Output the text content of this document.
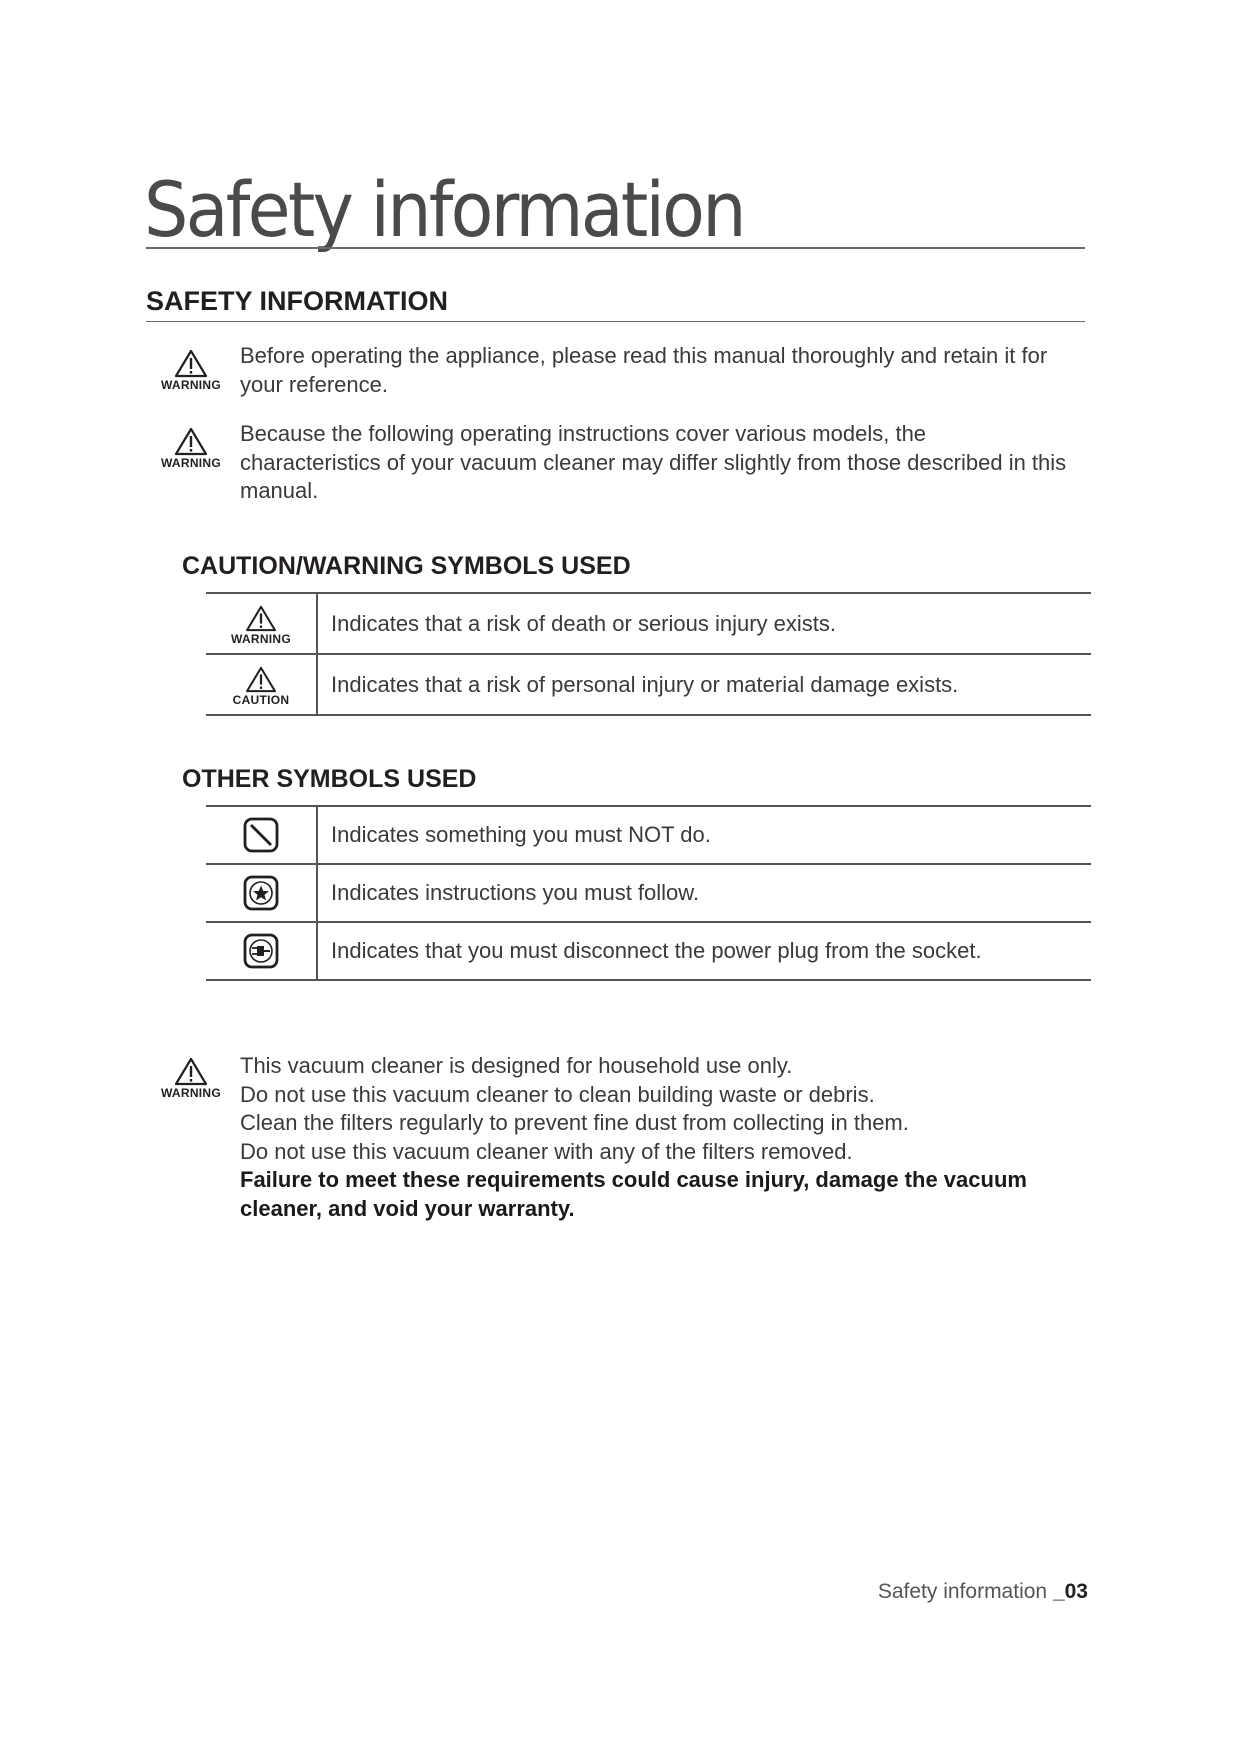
Safety information
SAFETY INFORMATION
WARNING
Before operating the appliance, please read this manual thoroughly and retain it for your reference.
WARNING
Because the following operating instructions cover various models, the characteristics of your vacuum cleaner may differ slightly from those described in this manual.
CAUTION/WARNING SYMBOLS USED
WARNING	Indicates that a risk of death or serious injury exists.

CAUTION	Indicates that a risk of personal injury or material damage exists.
OTHER SYMBOLS USED
	Indicates something you must NOT do.

	Indicates instructions you must follow.

	Indicates that you must disconnect the power plug from the socket.
WARNING

This vacuum cleaner is designed for household use only.

Do not use this vacuum cleaner to clean building waste or debris.

Clean the filters regularly to prevent fine dust from collecting in them.

Do not use this vacuum cleaner with any of the filters removed.

Failure to meet these requirements could cause injury, damage the vacuum cleaner, and void your warranty.

Safety information _03
